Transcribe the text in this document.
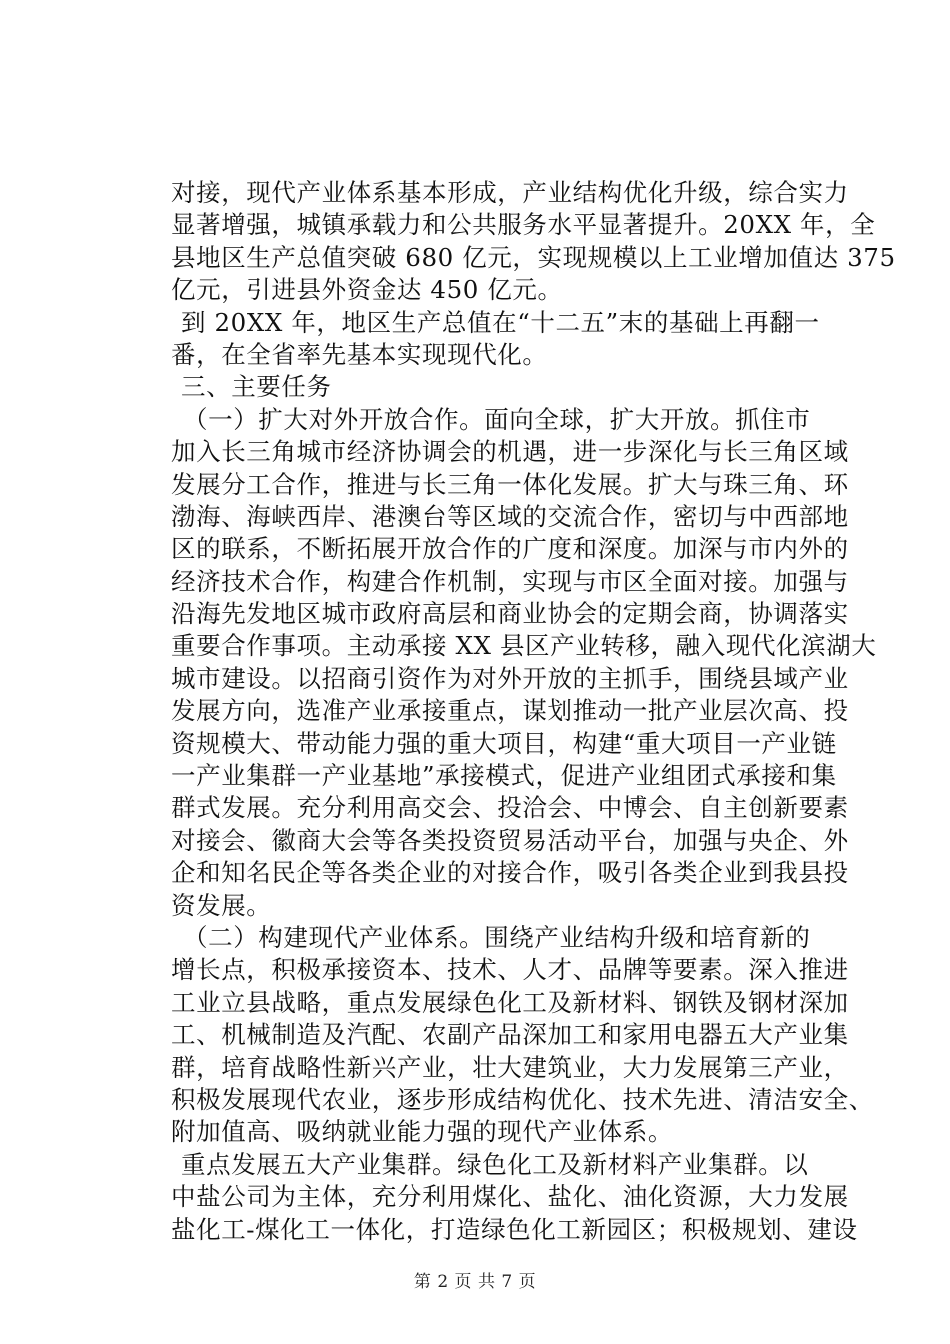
对接，现代产业体系基本形成，产业结构优化升级，综合实力
显著增强，城镇承载力和公共服务水平显著提升。20XX 年，全
县地区生产总值突破 680 亿元，实现规模以上工业增加值达 375
亿元，引进县外资金达 450 亿元。
到 20XX 年，地区生产总值在“十二五”末的基础上再翻一
番，在全省率先基本实现现代化。
三、主要任务
（一）扩大对外开放合作。面向全球，扩大开放。抓住市
加入长三角城市经济协调会的机遇，进一步深化与长三角区域
发展分工合作，推进与长三角一体化发展。扩大与珠三角、环
渤海、海峡西岸、港澳台等区域的交流合作，密切与中西部地
区的联系，不断拓展开放合作的广度和深度。加深与市内外的
经济技术合作，构建合作机制，实现与市区全面对接。加强与
沿海先发地区城市政府高层和商业协会的定期会商，协调落实
重要合作事项。主动承接 XX 县区产业转移，融入现代化滨湖大
城市建设。以招商引资作为对外开放的主抓手，围绕县域产业
发展方向，选准产业承接重点，谋划推动一批产业层次高、投
资规模大、带动能力强的重大项目，构建“重大项目一产业链
一产业集群一产业基地”承接模式，促进产业组团式承接和集
群式发展。充分利用高交会、投洽会、中博会、自主创新要素
对接会、徽商大会等各类投资贸易活动平台，加强与央企、外
企和知名民企等各类企业的对接合作，吸引各类企业到我县投
资发展。
（二）构建现代产业体系。围绕产业结构升级和培育新的
增长点，积极承接资本、技术、人才、品牌等要素。深入推进
工业立县战略，重点发展绿色化工及新材料、钢铁及钢材深加
工、机械制造及汽配、农副产品深加工和家用电器五大产业集
群，培育战略性新兴产业，壮大建筑业，大力发展第三产业，
积极发展现代农业，逐步形成结构优化、技术先进、清洁安全、
附加值高、吸纳就业能力强的现代产业体系。
重点发展五大产业集群。绿色化工及新材料产业集群。以
中盐公司为主体，充分利用煤化、盐化、油化资源，大力发展
盐化工-煤化工一体化，打造绿色化工新园区；积极规划、建设
第 2 页 共 7 页
